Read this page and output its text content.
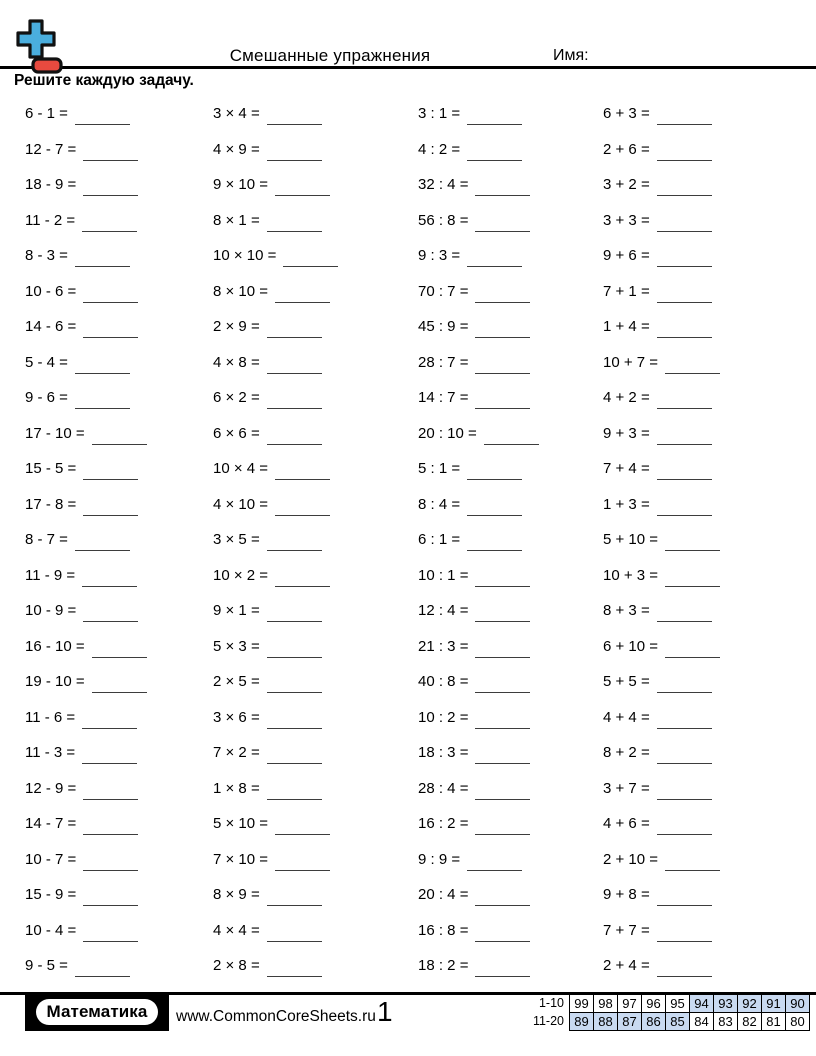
Смешанные упражнения	Имя:
Решите каждую задачу.
6 - 1 =
12 - 7 =
18 - 9 =
11 - 2 =
8 - 3 =
10 - 6 =
14 - 6 =
5 - 4 =
9 - 6 =
17 - 10 =
15 - 5 =
17 - 8 =
8 - 7 =
11 - 9 =
10 - 9 =
16 - 10 =
19 - 10 =
11 - 6 =
11 - 3 =
12 - 9 =
14 - 7 =
10 - 7 =
15 - 9 =
10 - 4 =
9 - 5 =
3 × 4 =
4 × 9 =
9 × 10 =
8 × 1 =
10 × 10 =
8 × 10 =
2 × 9 =
4 × 8 =
6 × 2 =
6 × 6 =
10 × 4 =
4 × 10 =
3 × 5 =
10 × 2 =
9 × 1 =
5 × 3 =
2 × 5 =
3 × 6 =
7 × 2 =
1 × 8 =
5 × 10 =
7 × 10 =
8 × 9 =
4 × 4 =
2 × 8 =
3 : 1 =
4 : 2 =
32 : 4 =
56 : 8 =
9 : 3 =
70 : 7 =
45 : 9 =
28 : 7 =
14 : 7 =
20 : 10 =
5 : 1 =
8 : 4 =
6 : 1 =
10 : 1 =
12 : 4 =
21 : 3 =
40 : 8 =
10 : 2 =
18 : 3 =
28 : 4 =
16 : 2 =
9 : 9 =
20 : 4 =
16 : 8 =
18 : 2 =
6 + 3 =
2 + 6 =
3 + 2 =
3 + 3 =
9 + 6 =
7 + 1 =
1 + 4 =
10 + 7 =
4 + 2 =
9 + 3 =
7 + 4 =
1 + 3 =
5 + 10 =
10 + 3 =
8 + 3 =
6 + 10 =
5 + 5 =
4 + 4 =
8 + 2 =
3 + 7 =
4 + 6 =
2 + 10 =
9 + 8 =
7 + 7 =
2 + 4 =
Математика	www.CommonCoreSheets.ru 1	1-10	99	98	97	96	95	94	93	92	91	90
11-20	89	88	87	86	85	84	83	82	81	80
